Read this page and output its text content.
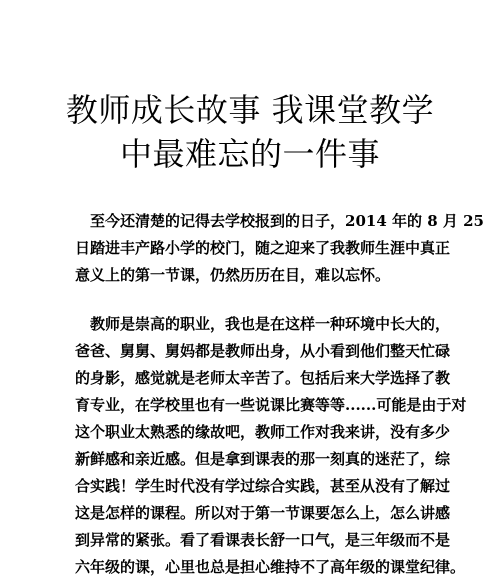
教师成长故事 我课堂教学
中最难忘的一件事
至今还清楚的记得去学校报到的日子，2014 年的 8 月 25
日踏进丰产路小学的校门，随之迎来了我教师生涯中真正
意义上的第一节课，仍然历历在目，难以忘怀。
教师是崇高的职业，我也是在这样一种环境中长大的，
爸爸、舅舅、舅妈都是教师出身，从小看到他们整天忙碌
的身影，感觉就是老师太辛苦了。包括后来大学选择了教
育专业，在学校里也有一些说课比赛等等......可能是由于对
这个职业太熟悉的缘故吧，教师工作对我来讲，没有多少
新鲜感和亲近感。但是拿到课表的那一刻真的迷茫了，综
合实践！学生时代没有学过综合实践，甚至从没有了解过
这是怎样的课程。所以对于第一节课要怎么上，怎么讲感
到异常的紧张。看了看课表长舒一口气，是三年级而不是
六年级的课，心里也总是担心维持不了高年级的课堂纪律。
